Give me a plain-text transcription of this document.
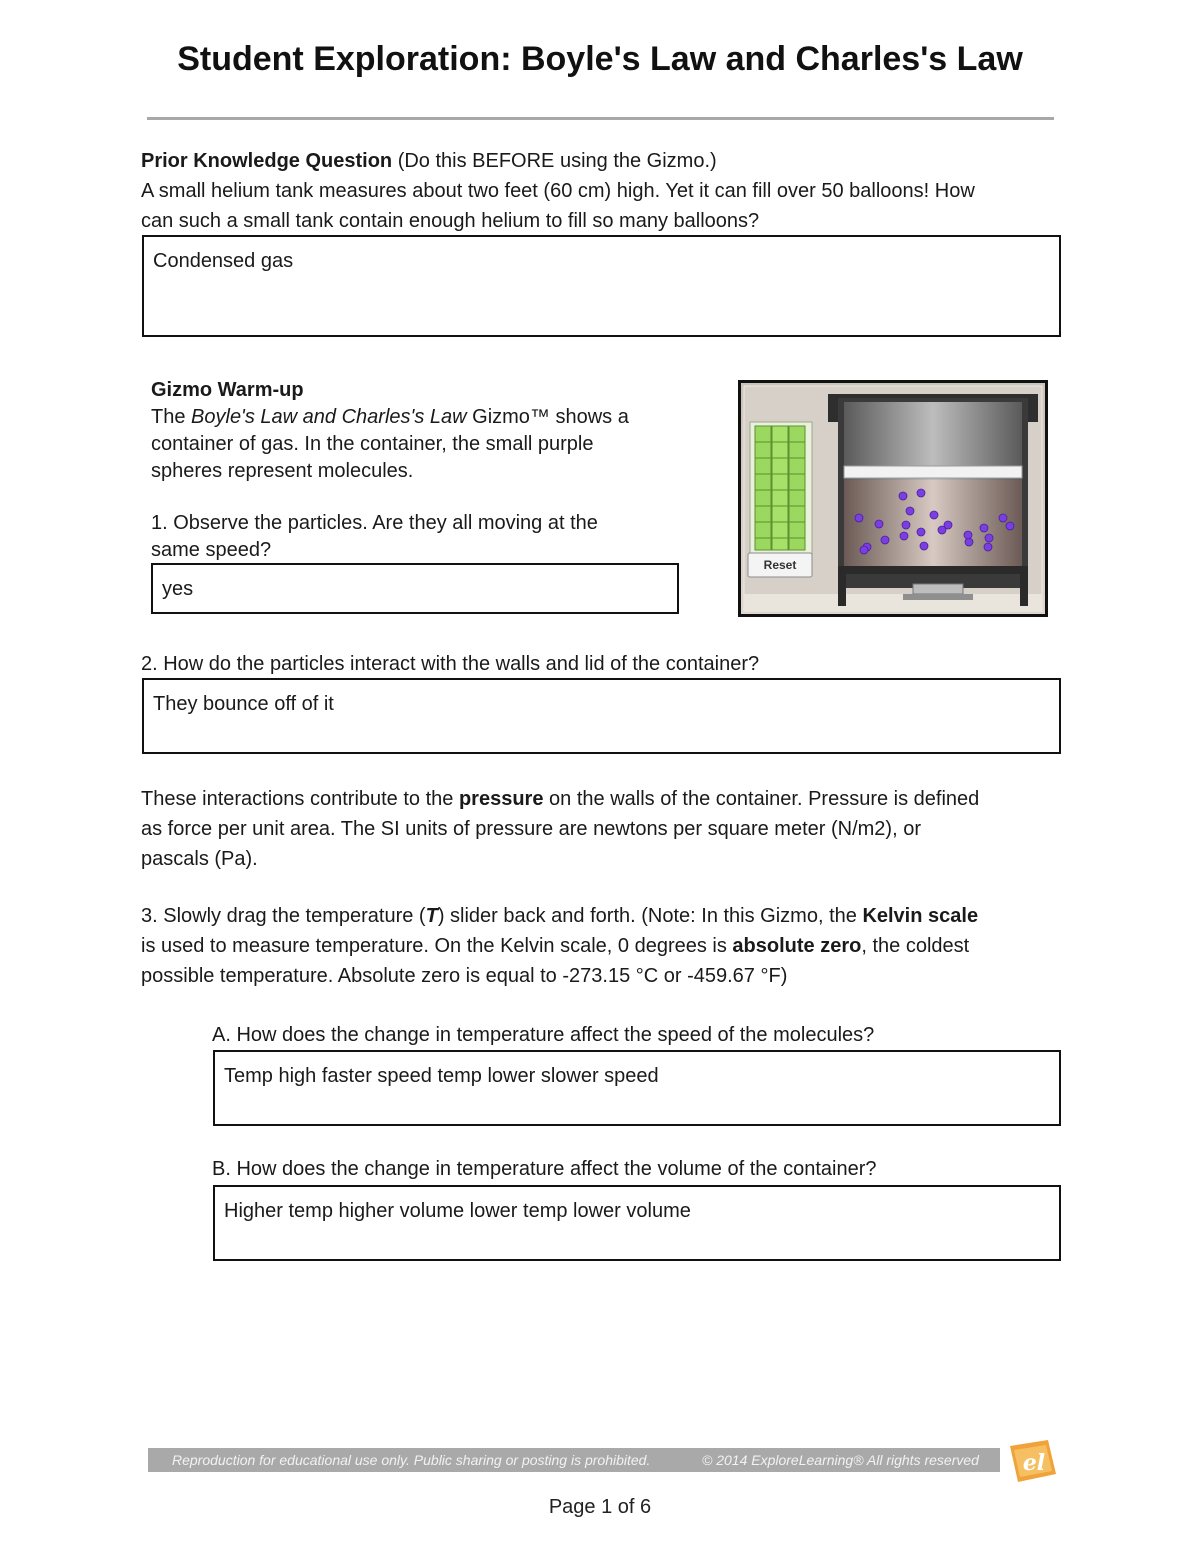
Student Exploration: Boyle's Law and Charles's Law
Prior Knowledge Question (Do this BEFORE using the Gizmo.)
A small helium tank measures about two feet (60 cm) high. Yet it can fill over 50 balloons! How
can such a small tank contain enough helium to fill so many balloons?
Condensed gas
Gizmo Warm-up
The Boyle's Law and Charles's Law Gizmo™ shows a
container of gas. In the container, the small purple
spheres represent molecules.
1. Observe the particles. Are they all moving at the
same speed?
yes
Reset
2. How do the particles interact with the walls and lid of the container?
They bounce off of it
These interactions contribute to the pressure on the walls of the container. Pressure is defined
as force per unit area. The SI units of pressure are newtons per square meter (N/m2), or
pascals (Pa).
3. Slowly drag the temperature (T) slider back and forth. (Note: In this Gizmo, the Kelvin scale
is used to measure temperature. On the Kelvin scale, 0 degrees is absolute zero, the coldest
possible temperature. Absolute zero is equal to -273.15 °C or -459.67 °F)
A. How does the change in temperature affect the speed of the molecules?
Temp high faster speed temp lower slower speed
B. How does the change in temperature affect the volume of the container?
Higher temp higher volume lower temp lower volume
Reproduction for educational use only. Public sharing or posting is prohibited.	© 2014 ExploreLearning® All rights reserved el
Page 1 of 6
